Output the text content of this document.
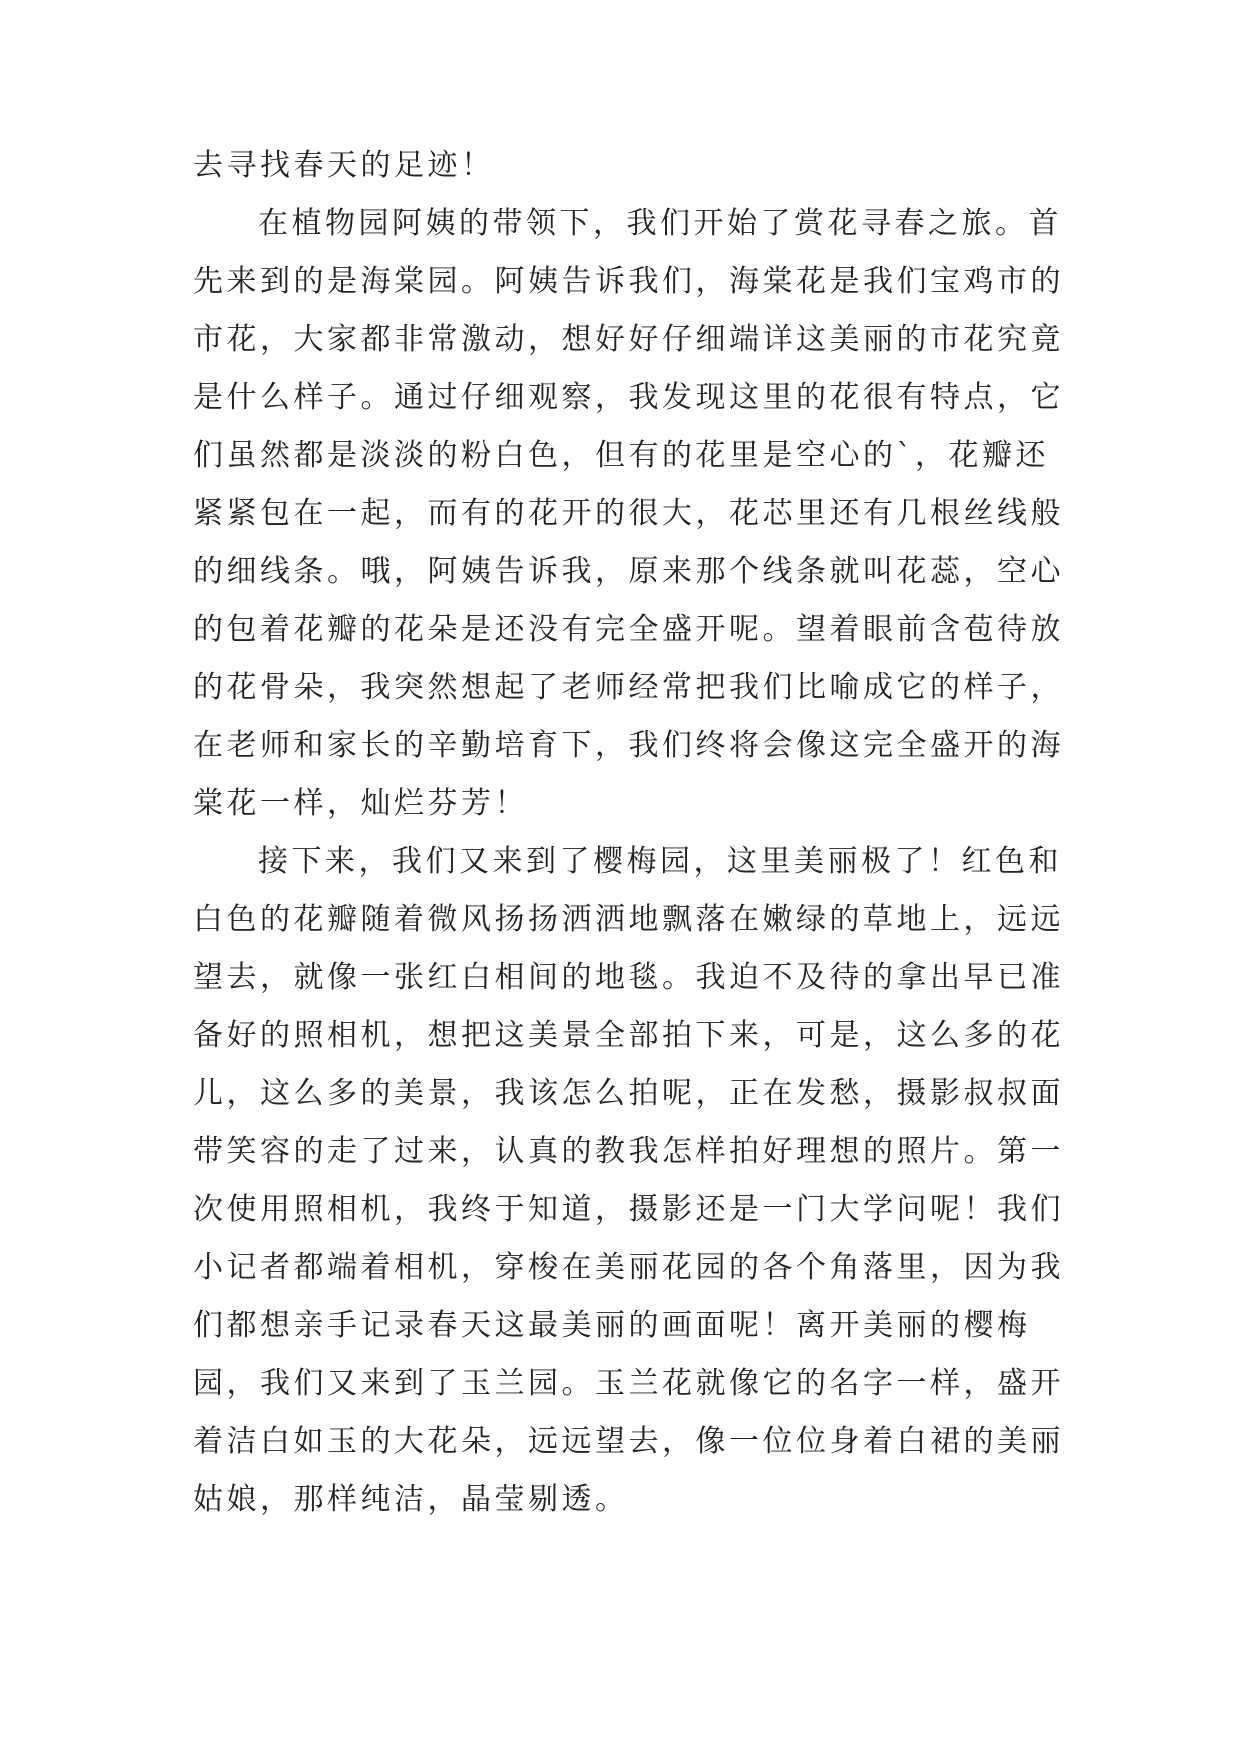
去寻找春天的足迹！
在植物园阿姨的带领下，我们开始了赏花寻春之旅。首
先来到的是海棠园。阿姨告诉我们，海棠花是我们宝鸡市的
市花，大家都非常激动，想好好仔细端详这美丽的市花究竟
是什么样子。通过仔细观察，我发现这里的花很有特点，它
们虽然都是淡淡的粉白色，但有的花里是空心的`，花瓣还
紧紧包在一起，而有的花开的很大，花芯里还有几根丝线般
的细线条。哦，阿姨告诉我，原来那个线条就叫花蕊，空心
的包着花瓣的花朵是还没有完全盛开呢。望着眼前含苞待放
的花骨朵，我突然想起了老师经常把我们比喻成它的样子，
在老师和家长的辛勤培育下，我们终将会像这完全盛开的海
棠花一样，灿烂芬芳！
接下来，我们又来到了樱梅园，这里美丽极了！红色和
白色的花瓣随着微风扬扬洒洒地飘落在嫩绿的草地上，远远
望去，就像一张红白相间的地毯。我迫不及待的拿出早已准
备好的照相机，想把这美景全部拍下来，可是，这么多的花
儿，这么多的美景，我该怎么拍呢，正在发愁，摄影叔叔面
带笑容的走了过来，认真的教我怎样拍好理想的照片。第一
次使用照相机，我终于知道，摄影还是一门大学问呢！我们
小记者都端着相机，穿梭在美丽花园的各个角落里，因为我
们都想亲手记录春天这最美丽的画面呢！离开美丽的樱梅
园，我们又来到了玉兰园。玉兰花就像它的名字一样，盛开
着洁白如玉的大花朵，远远望去，像一位位身着白裙的美丽
姑娘，那样纯洁，晶莹剔透。
